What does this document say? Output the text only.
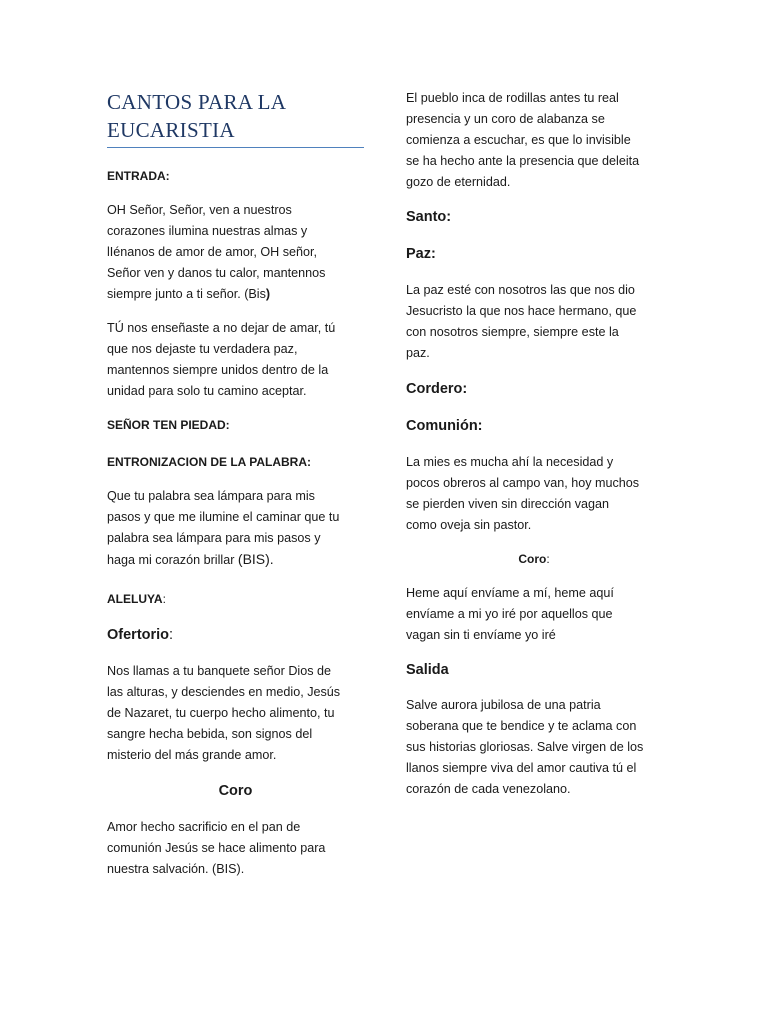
CANTOS PARA LA
EUCARISTIA
ENTRADA:
OH Señor, Señor, ven a nuestros
corazones ilumina nuestras almas y
lIénanos de amor de amor, OH señor,
Señor ven y danos tu calor, mantennos
siempre junto a ti señor. (Bis)
TÚ nos enseñaste a no dejar de amar, tú
que nos dejaste tu verdadera paz,
mantennos siempre unidos dentro de la
unidad para solo tu camino aceptar.
SEÑOR TEN PIEDAD:
ENTRONIZACION DE LA PALABRA:
Que tu palabra sea lámpara para mis
pasos y que me ilumine el caminar que tu
palabra sea lámpara para mis pasos y
haga mi corazón brillar (BIS).
ALELUYA:
Ofertorio:
Nos llamas a tu banquete señor Dios de
las alturas, y desciendes en medio, Jesús
de Nazaret, tu cuerpo hecho alimento, tu
sangre hecha bebida, son signos del
misterio del más grande amor.
Coro
Amor hecho sacrificio en el pan de
comunión Jesús se hace alimento para
nuestra salvación. (BIS).
El pueblo inca de rodillas antes tu real
presencia y un coro de alabanza se
comienza a escuchar, es que lo invisible
se ha hecho ante la presencia que deleita
gozo de eternidad.
Santo:
Paz:
La paz esté con nosotros las que nos dio
Jesucristo la que nos hace hermano, que
con nosotros siempre, siempre este la
paz.
Cordero:
Comunión:
La mies es mucha ahí la necesidad y
pocos obreros al campo van, hoy muchos
se pierden viven sin dirección vagan
como oveja sin pastor.
Coro:
Heme aquí envíame a mí, heme aquí
envíame a mi yo iré por aquellos que
vagan sin ti envíame yo iré
Salida
Salve aurora jubilosa de una patria
soberana que te bendice y te aclama con
sus historias gloriosas. Salve virgen de los
llanos siempre viva del amor cautiva tú el
corazón de cada venezolano.
